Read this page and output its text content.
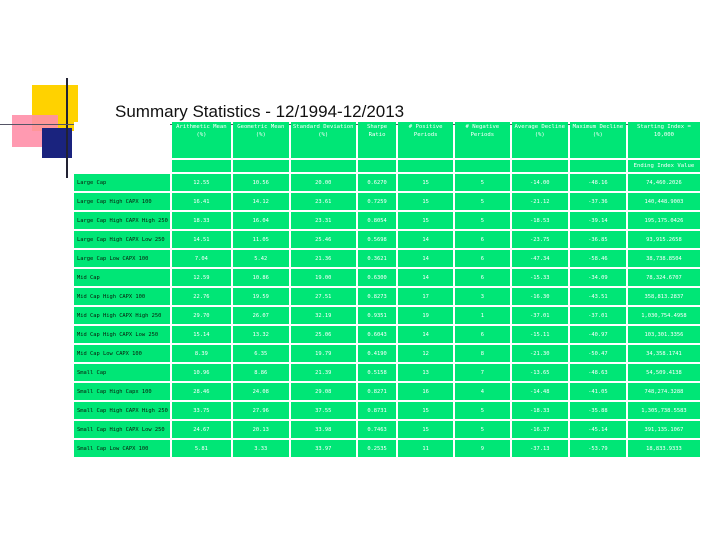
Summary Statistics - 12/1994-12/2013
	Arithmetic Mean (%)	Geometric Mean (%)	Standard Deviation (%)	Sharpe Ratio	# Positive Periods	# Negative Periods	Average Decline (%)	Maximum Decline (%)	Starting Index = 10,000
									Ending Index Value
Large Cap	12.55	10.56	20.00	0.6270	15	5	-14.00	-48.16	74,460.2026
Large Cap High CAPX 100	16.41	14.12	23.61	0.7259	15	5	-21.12	-37.36	140,448.9003
Large Cap High CAPX High 250	18.33	16.04	23.31	0.8054	15	5	-18.53	-39.14	195,175.0426
Large Cap High CAPX Low 250	14.51	11.05	25.46	0.5698	14	6	-23.75	-36.85	93,915.2658
Large Cap Low CAPX 100	7.04	5.42	21.36	0.3621	14	6	-47.34	-58.46	38,738.8504
Mid Cap	12.59	10.86	19.00	0.6300	14	6	-15.33	-34.09	78,324.6707
Mid Cap High CAPX 100	22.76	19.59	27.51	0.8273	17	3	-16.30	-43.51	358,813.2837
Mid Cap High CAPX High 250	29.70	26.07	32.19	0.9351	19	1	-37.01	-37.01	1,030,754.4958
Mid Cap High CAPX Low 250	15.14	13.32	25.06	0.6043	14	6	-15.11	-40.97	103,301.3356
Mid Cap Low CAPX 100	8.39	6.35	19.79	0.4190	12	8	-21.30	-50.47	34,358.1741
Small Cap	10.96	8.86	21.39	0.5158	13	7	-13.65	-48.63	54,509.4138
Small Cap High Capx 100	28.46	24.08	29.08	0.8271	16	4	-14.48	-41.05	748,274.3288
Small Cap High CAPX High 250	33.75	27.96	37.55	0.8731	15	5	-18.33	-35.88	1,305,738.5583
Small Cap High CAPX Low 250	24.67	20.13	33.98	0.7463	15	5	-16.37	-45.14	391,135.1067
Small Cap Low CAPX 100	5.81	3.33	33.97	0.2535	11	9	-37.13	-53.79	18,833.9333
